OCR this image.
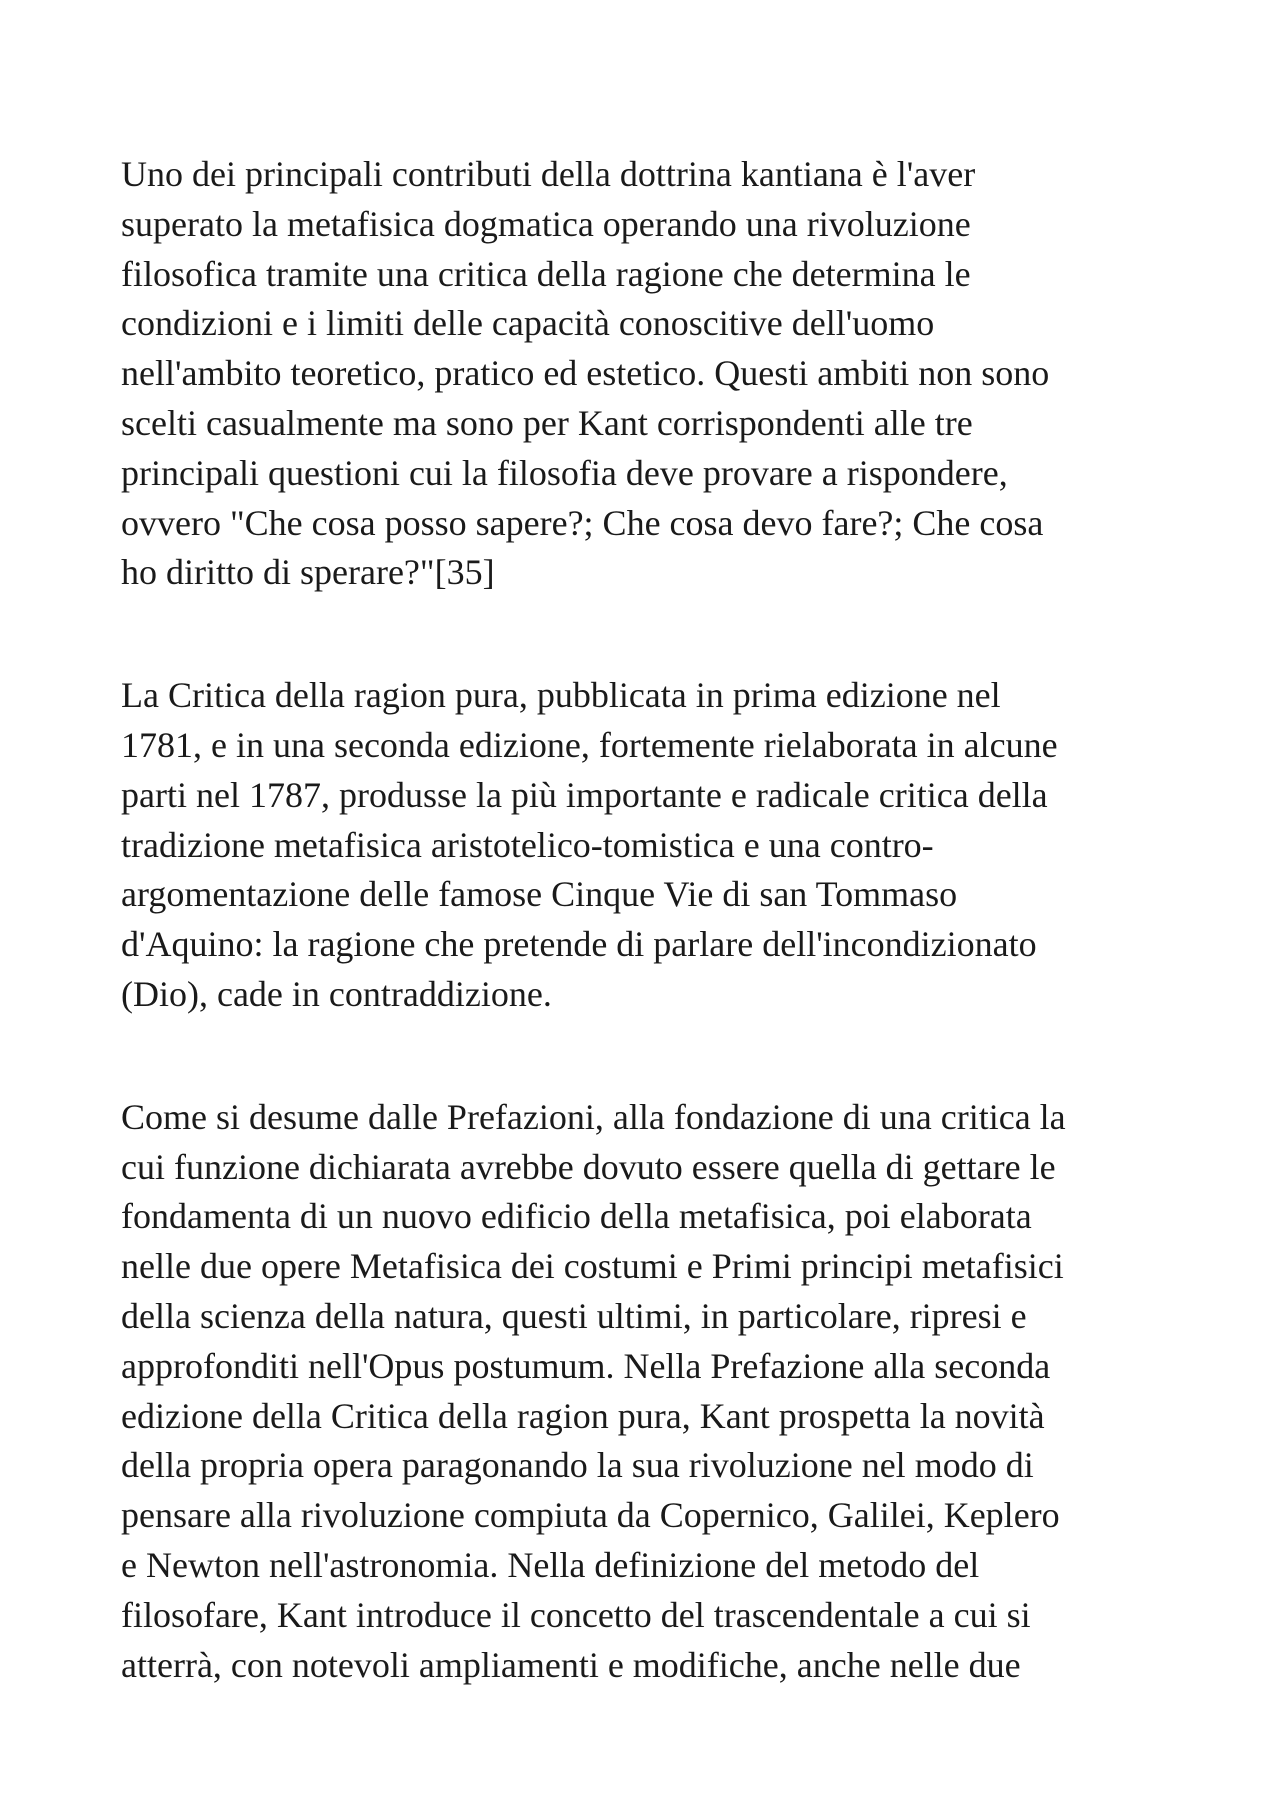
Uno dei principali contributi della dottrina kantiana è l'aver
superato la metafisica dogmatica operando una rivoluzione
filosofica tramite una critica della ragione che determina le
condizioni e i limiti delle capacità conoscitive dell'uomo
nell'ambito teoretico, pratico ed estetico. Questi ambiti non sono
scelti casualmente ma sono per Kant corrispondenti alle tre
principali questioni cui la filosofia deve provare a rispondere,
ovvero "Che cosa posso sapere?; Che cosa devo fare?; Che cosa
ho diritto di sperare?"[35]

La Critica della ragion pura, pubblicata in prima edizione nel
1781, e in una seconda edizione, fortemente rielaborata in alcune
parti nel 1787, produsse la più importante e radicale critica della
tradizione metafisica aristotelico-tomistica e una contro-
argomentazione delle famose Cinque Vie di san Tommaso
d'Aquino: la ragione che pretende di parlare dell'incondizionato
(Dio), cade in contraddizione.

Come si desume dalle Prefazioni, alla fondazione di una critica la
cui funzione dichiarata avrebbe dovuto essere quella di gettare le
fondamenta di un nuovo edificio della metafisica, poi elaborata
nelle due opere Metafisica dei costumi e Primi principi metafisici
della scienza della natura, questi ultimi, in particolare, ripresi e
approfonditi nell'Opus postumum. Nella Prefazione alla seconda
edizione della Critica della ragion pura, Kant prospetta la novità
della propria opera paragonando la sua rivoluzione nel modo di
pensare alla rivoluzione compiuta da Copernico, Galilei, Keplero
e Newton nell'astronomia. Nella definizione del metodo del
filosofare, Kant introduce il concetto del trascendentale a cui si
atterrà, con notevoli ampliamenti e modifiche, anche nelle due
